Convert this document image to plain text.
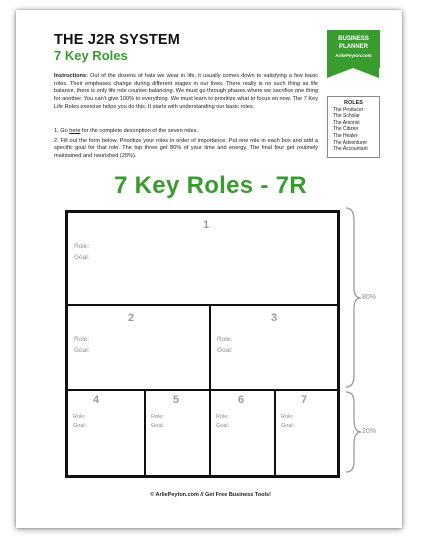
THE J2R SYSTEM
7 Key Roles
BUSINESS
PLANNER
ArliePeyton.com
ROLES
The Producer
The Scholar
The Amorist
The Citizen
The Healer
The Adventurer
The Accountant
Instructions: Out of the dozens of hats we wear in life, it usually comes down to satisfying a few basic roles. Their emphases change during different stages in our lives. There really is no such thing as life balance, there is only life role counter-balancing. We must go through phases where we sacrifice one thing for another. You can't give 100% to everything. We must learn to prioritize what to focus on now. The 7 Key Life Roles exercise helps you do this. It starts with understanding our basic roles.

1. Go here for the complete description of the seven roles.

2. Fill out the form below. Prioritize your roles in order of importance. Put one role in each box and add a specific goal for that role. The top three get 80% of your time and energy. The final four get routinely maintained and nourished (20%).

7 Key Roles - 7R
1
Role:
Goal:
2
Role:
Goal:
3
Role:
Goal:
4
Role:
Goal:
5
Role:
Goal:
6
Role:
Goal:
7
Role:
Goal:
80%
20%
© ArliePeyton.com // Get Free Business Tools!
